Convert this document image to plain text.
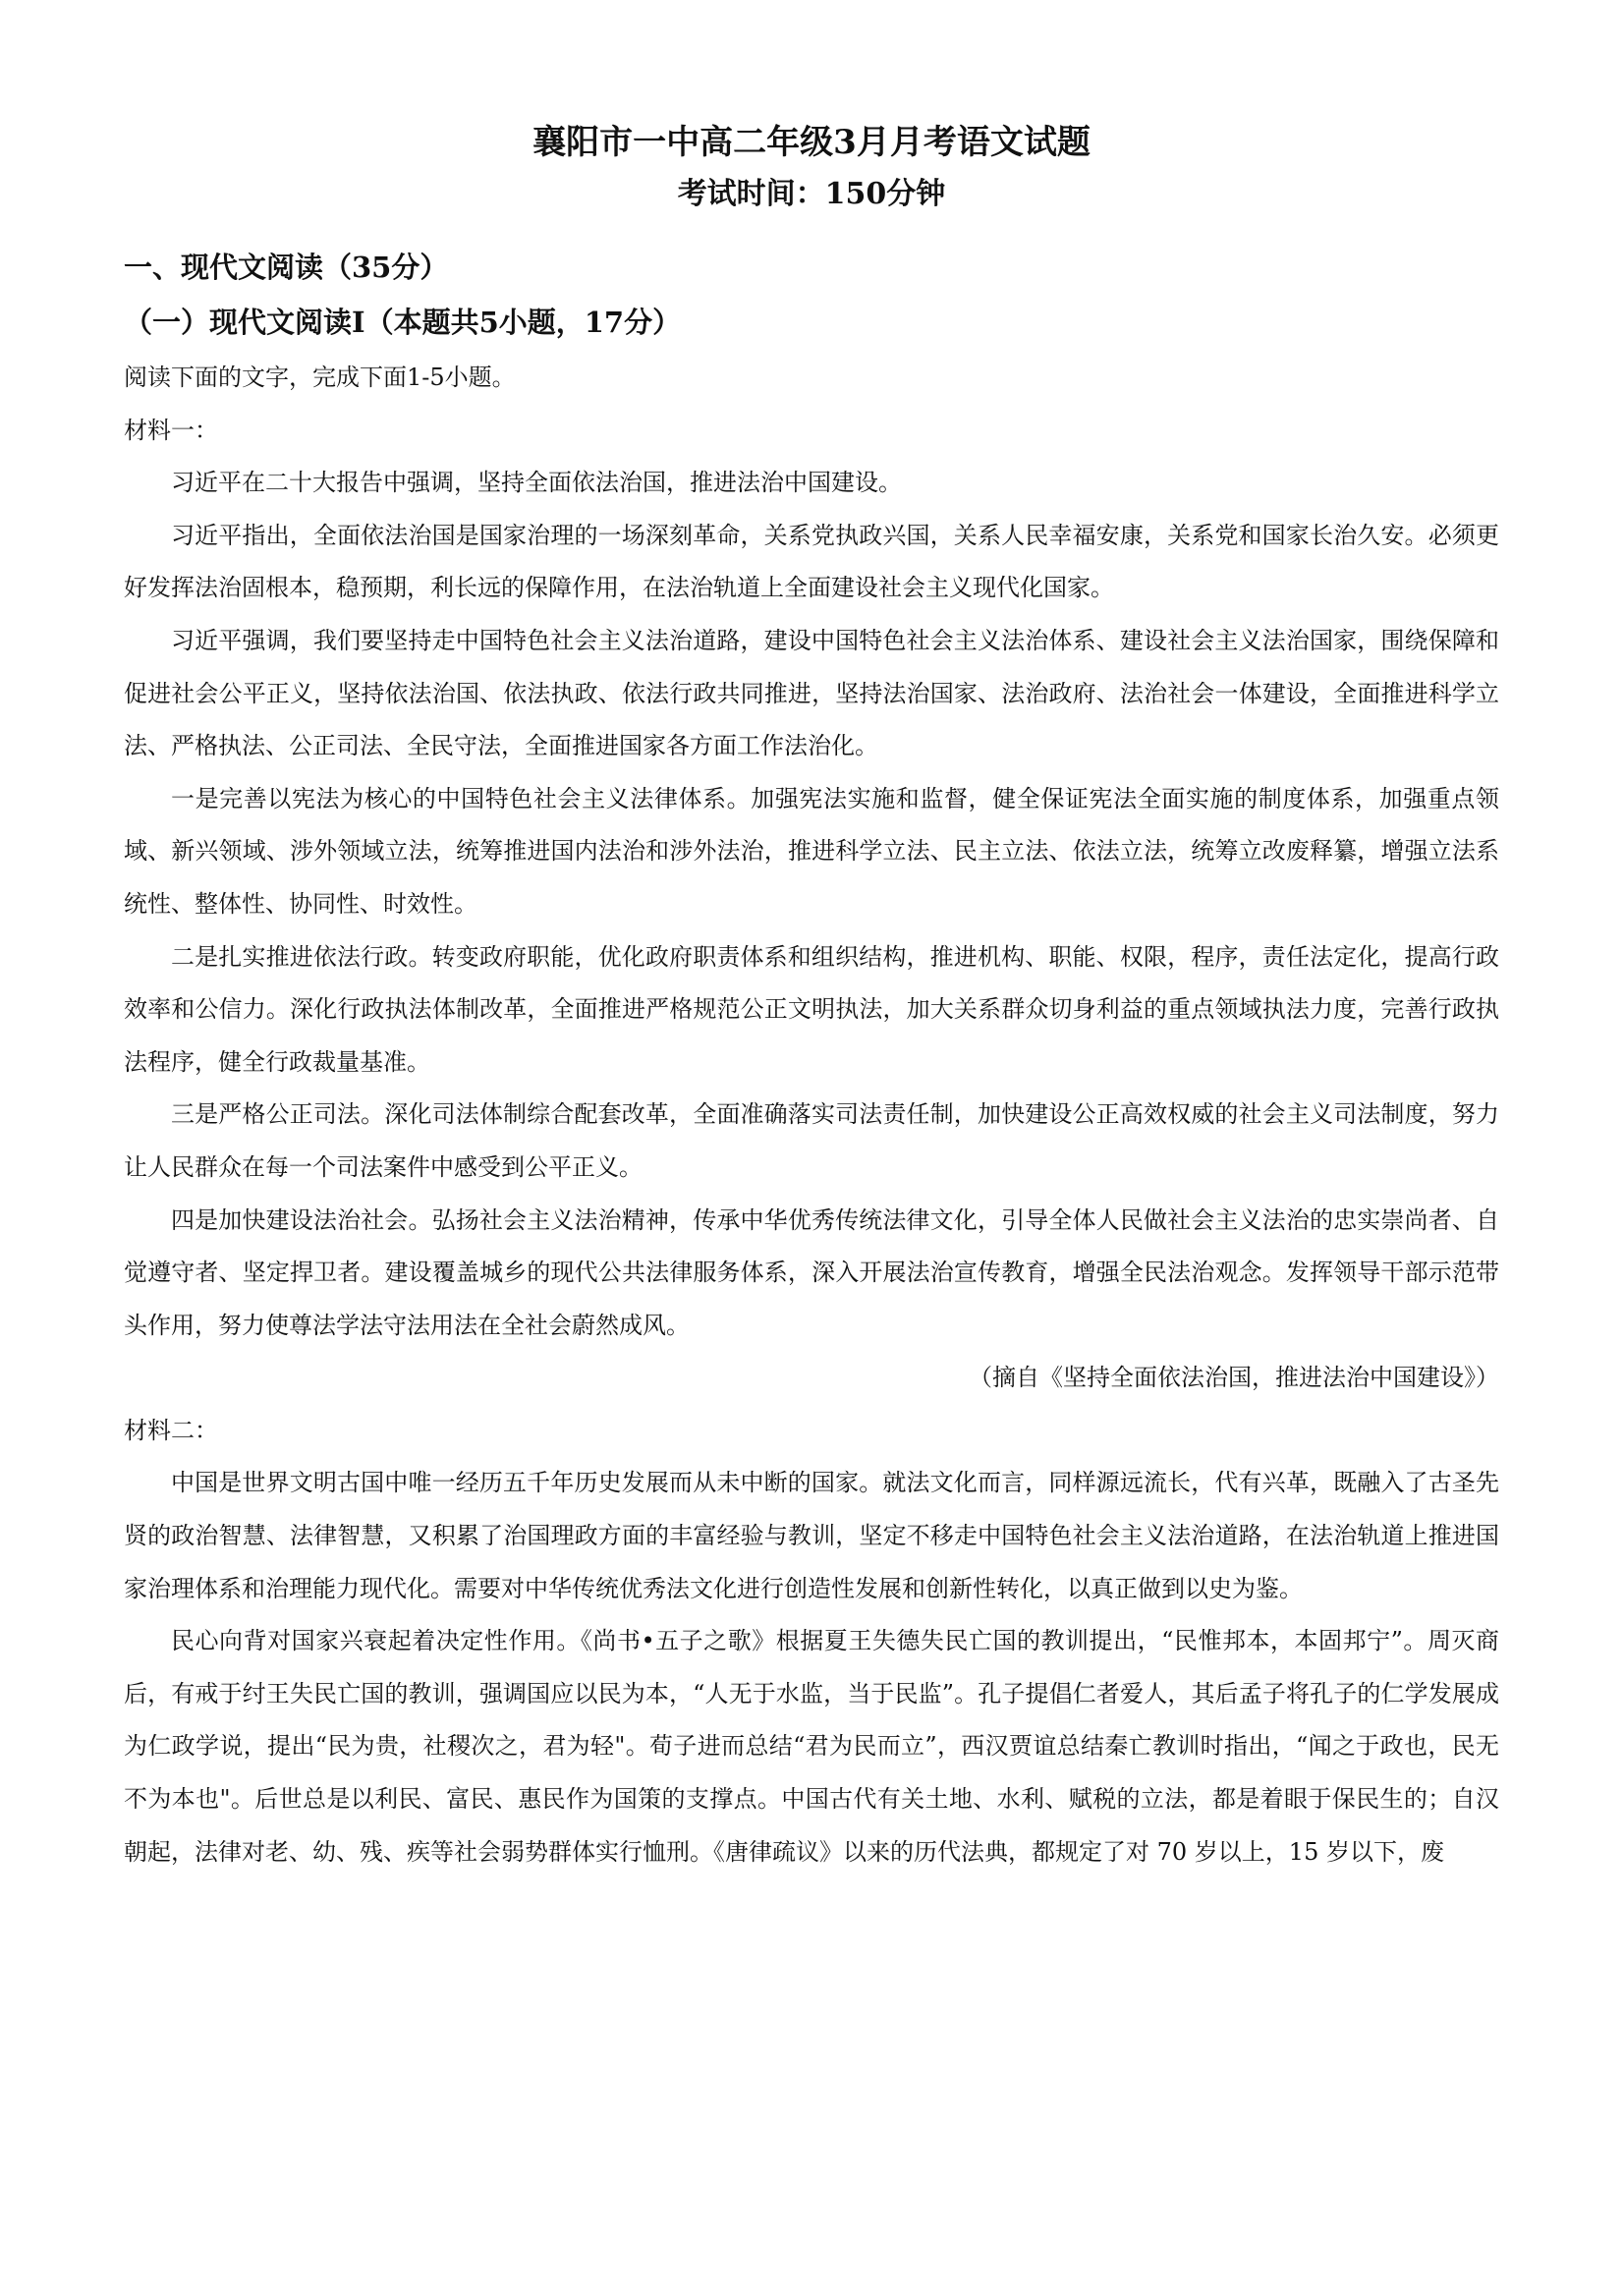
襄阳市一中高二年级3月月考语文试题
考试时间：150分钟
一、现代文阅读（35分）
（一）现代文阅读Ⅰ（本题共5小题，17分）

阅读下面的文字，完成下面1-5小题。

材料一：

习近平在二十大报告中强调，坚持全面依法治国，推进法治中国建设。

习近平指出，全面依法治国是国家治理的一场深刻革命，关系党执政兴国，关系人民幸福安康，关系党和国家长治久安。必须更好发挥法治固根本，稳预期，利长远的保障作用，在法治轨道上全面建设社会主义现代化国家。

习近平强调，我们要坚持走中国特色社会主义法治道路，建设中国特色社会主义法治体系、建设社会主义法治国家，围绕保障和促进社会公平正义，坚持依法治国、依法执政、依法行政共同推进，坚持法治国家、法治政府、法治社会一体建设，全面推进科学立法、严格执法、公正司法、全民守法，全面推进国家各方面工作法治化。

一是完善以宪法为核心的中国特色社会主义法律体系。加强宪法实施和监督，健全保证宪法全面实施的制度体系，加强重点领域、新兴领域、涉外领域立法，统筹推进国内法治和涉外法治，推进科学立法、民主立法、依法立法，统筹立改废释纂，增强立法系统性、整体性、协同性、时效性。

二是扎实推进依法行政。转变政府职能，优化政府职责体系和组织结构，推进机构、职能、权限，程序，责任法定化，提高行政效率和公信力。深化行政执法体制改革，全面推进严格规范公正文明执法，加大关系群众切身利益的重点领域执法力度，完善行政执法程序，健全行政裁量基准。

三是严格公正司法。深化司法体制综合配套改革，全面准确落实司法责任制，加快建设公正高效权威的社会主义司法制度，努力让人民群众在每一个司法案件中感受到公平正义。

四是加快建设法治社会。弘扬社会主义法治精神，传承中华优秀传统法律文化，引导全体人民做社会主义法治的忠实崇尚者、自觉遵守者、坚定捍卫者。建设覆盖城乡的现代公共法律服务体系，深入开展法治宣传教育，增强全民法治观念。发挥领导干部示范带头作用，努力使尊法学法守法用法在全社会蔚然成风。

（摘自《坚持全面依法治国，推进法治中国建设》）

材料二：

中国是世界文明古国中唯一经历五千年历史发展而从未中断的国家。就法文化而言，同样源远流长，代有兴革，既融入了古圣先贤的政治智慧、法律智慧，又积累了治国理政方面的丰富经验与教训，坚定不移走中国特色社会主义法治道路，在法治轨道上推进国家治理体系和治理能力现代化。需要对中华传统优秀法文化进行创造性发展和创新性转化，以真正做到以史为鉴。

民心向背对国家兴衰起着决定性作用。《尚书•五子之歌》根据夏王失德失民亡国的教训提出，“民惟邦本，本固邦宁”。周灭商后，有戒于纣王失民亡国的教训，强调国应以民为本，“人无于水监，当于民监”。孔子提倡仁者爱人，其后孟子将孔子的仁学发展成为仁政学说，提出“民为贵，社稷次之，君为轻"。荀子进而总结“君为民而立”，西汉贾谊总结秦亡教训时指出，“闻之于政也，民无不为本也"。后世总是以利民、富民、惠民作为国策的支撑点。中国古代有关土地、水利、赋税的立法，都是着眼于保民生的；自汉朝起，法律对老、幼、残、疾等社会弱势群体实行恤刑。《唐律疏议》以来的历代法典，都规定了对 70 岁以上，15 岁以下，废
